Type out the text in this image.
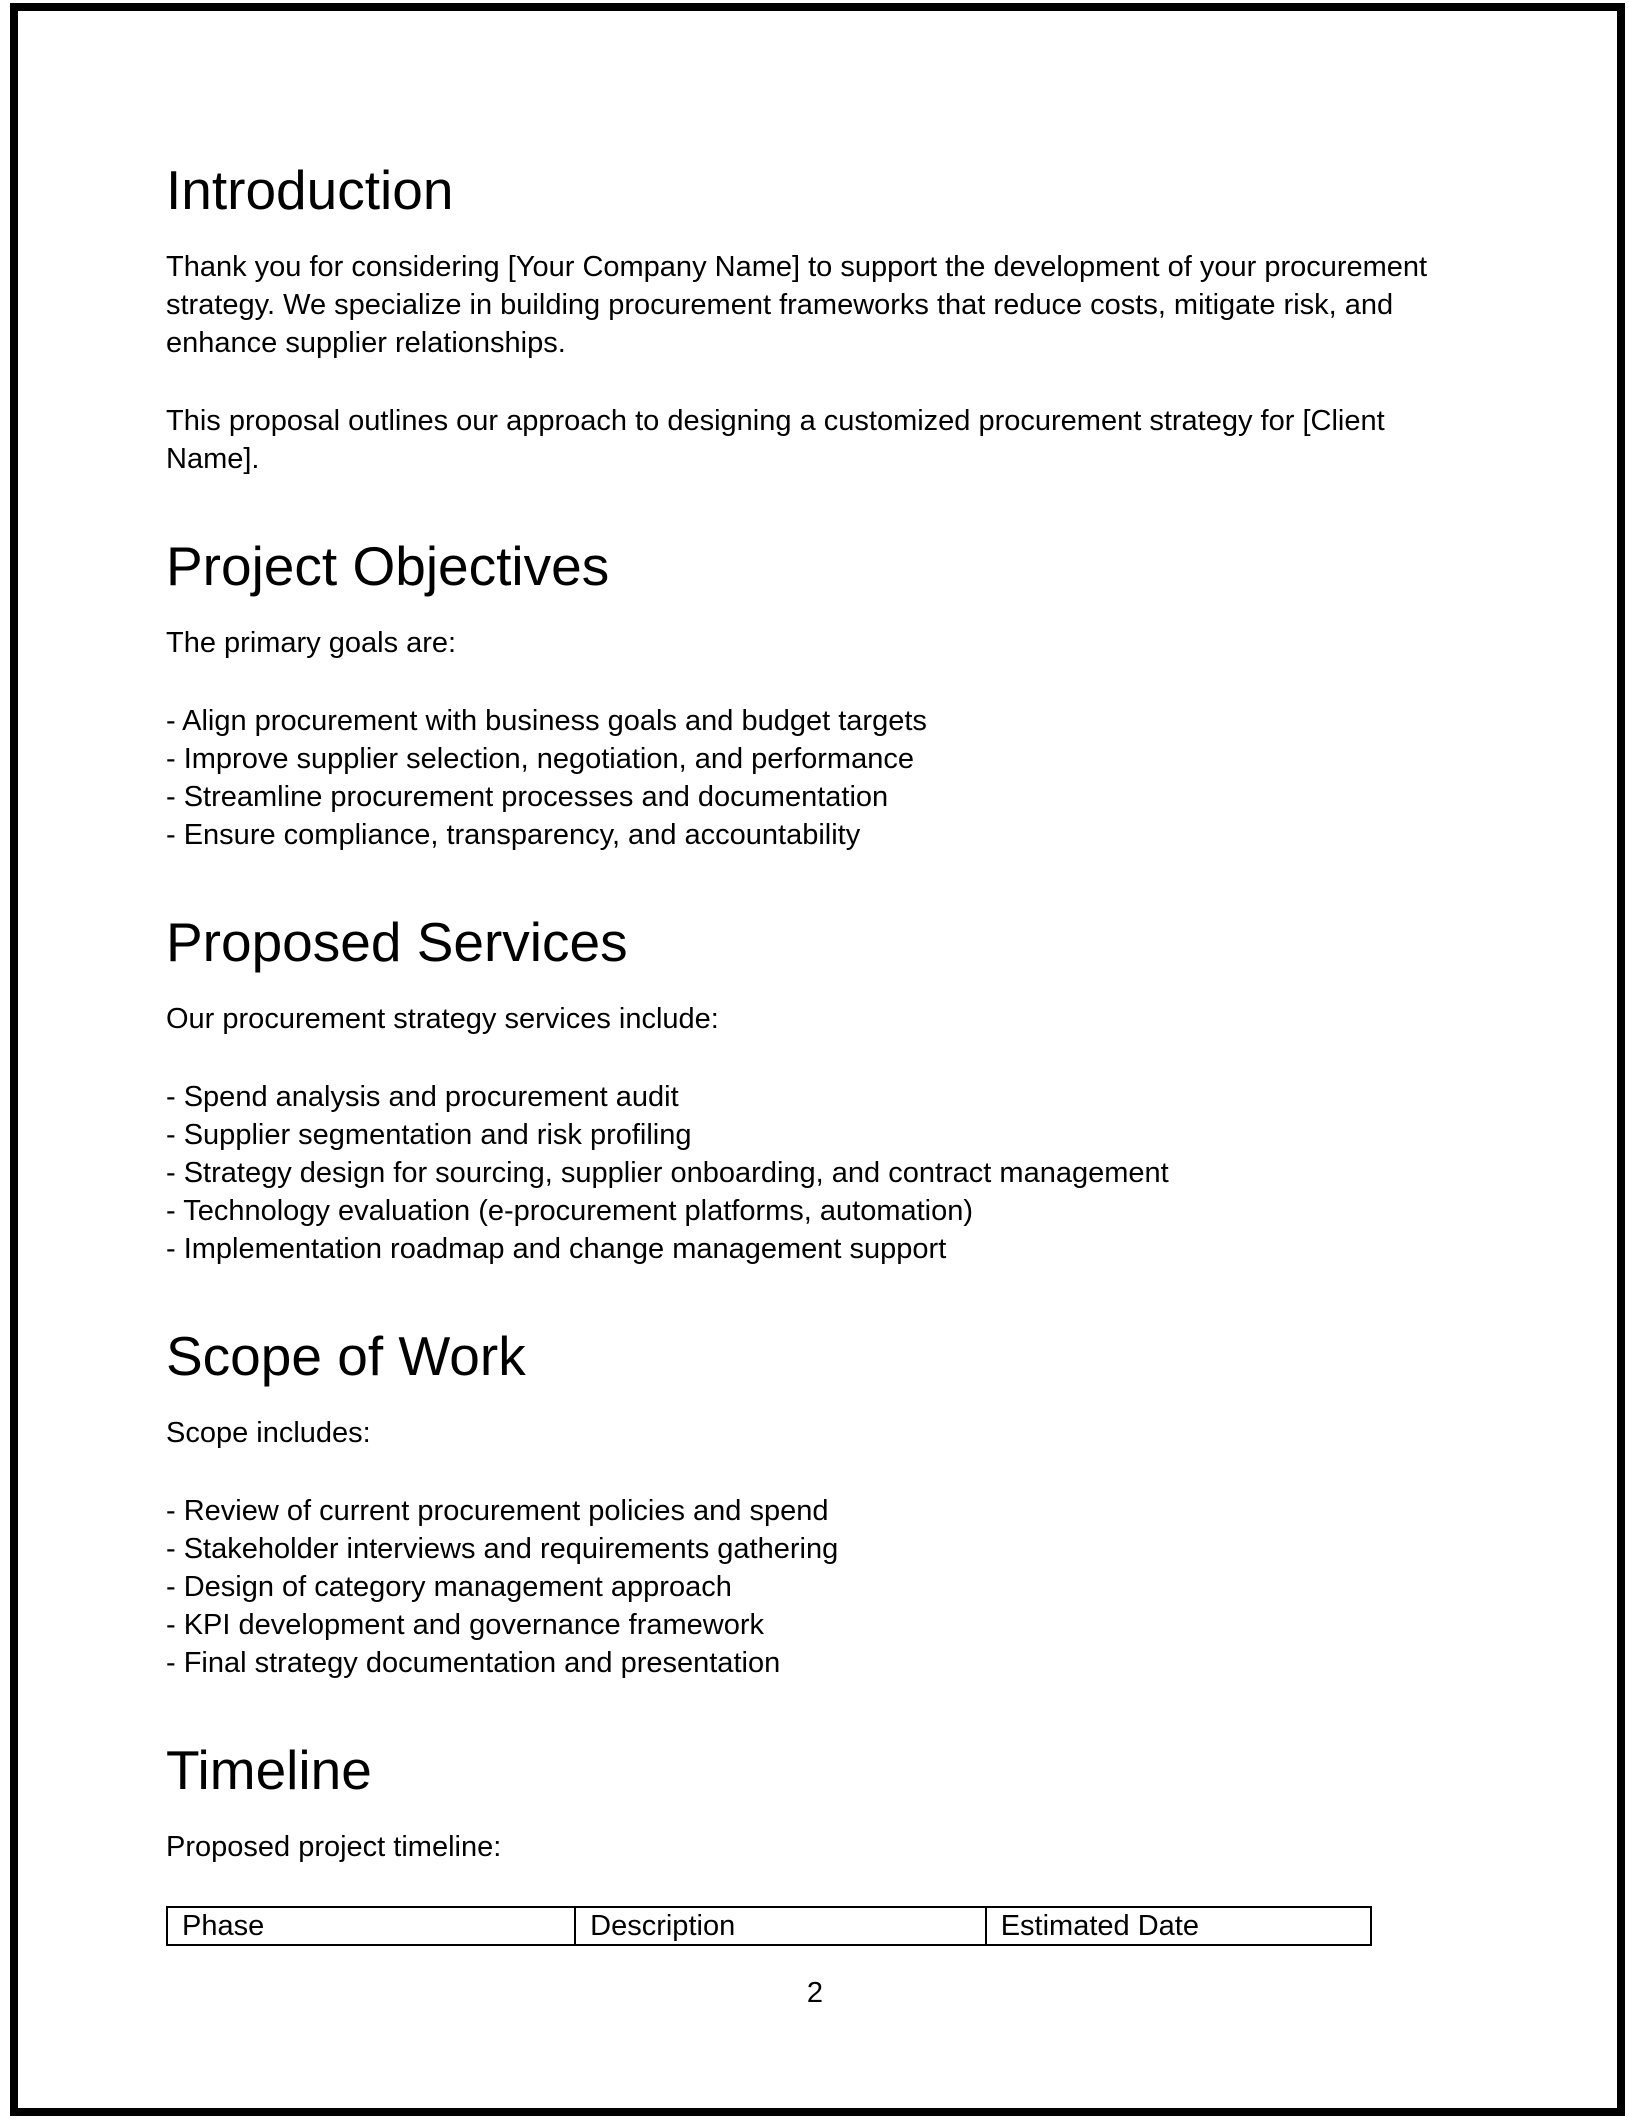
Introduction

Thank you for considering [Your Company Name] to support the development of your procurement strategy. We specialize in building procurement frameworks that reduce costs, mitigate risk, and enhance supplier relationships.

This proposal outlines our approach to designing a customized procurement strategy for [Client Name].

Project Objectives

The primary goals are:

- Align procurement with business goals and budget targets

- Improve supplier selection, negotiation, and performance

- Streamline procurement processes and documentation

- Ensure compliance, transparency, and accountability

Proposed Services

Our procurement strategy services include:

- Spend analysis and procurement audit

- Supplier segmentation and risk profiling

- Strategy design for sourcing, supplier onboarding, and contract management

- Technology evaluation (e-procurement platforms, automation)

- Implementation roadmap and change management support

Scope of Work

Scope includes:

- Review of current procurement policies and spend

- Stakeholder interviews and requirements gathering

- Design of category management approach

- KPI development and governance framework

- Final strategy documentation and presentation

Timeline

Proposed project timeline:

Phase	Description	Estimated Date
2
